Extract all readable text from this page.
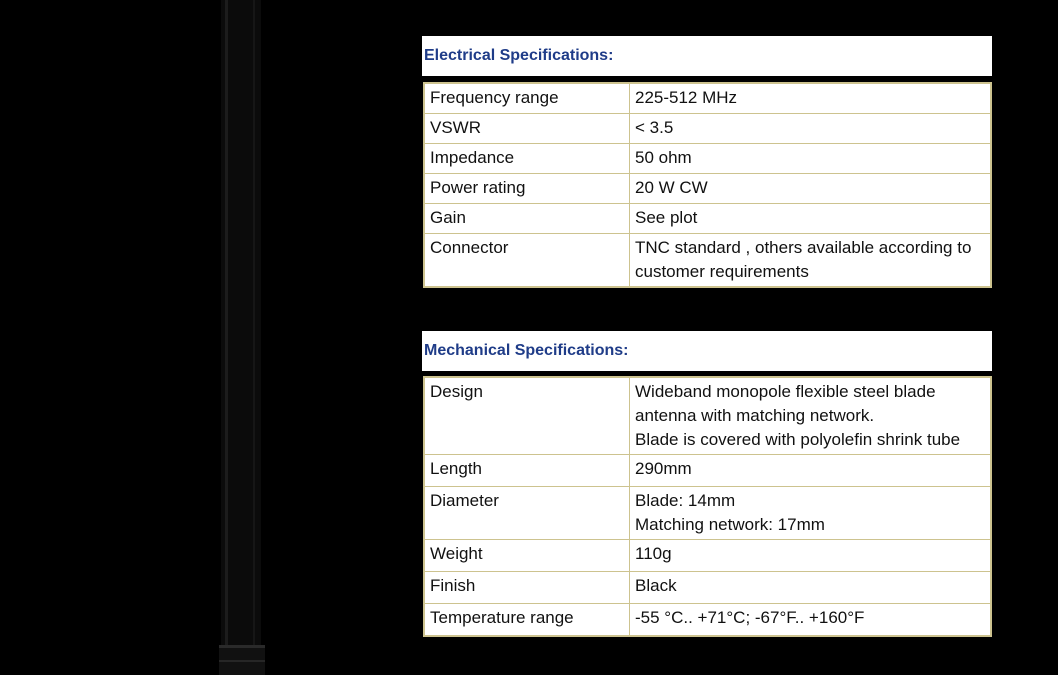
Electrical Specifications:
Frequency range	225-512 MHz
VSWR	< 3.5
Impedance	50 ohm
Power rating	20 W CW
Gain	See plot
Connector	TNC standard , others available according to customer requirements
Mechanical Specifications:
Design	Wideband monopole flexible steel blade
antenna with matching network.
Blade is covered with polyolefin shrink tube

Length	290mm

Diameter	Blade: 14mm
Matching network: 17mm

Weight	110g

Finish	Black

Temperature range	-55 °C.. +71°C; -67°F.. +160°F
